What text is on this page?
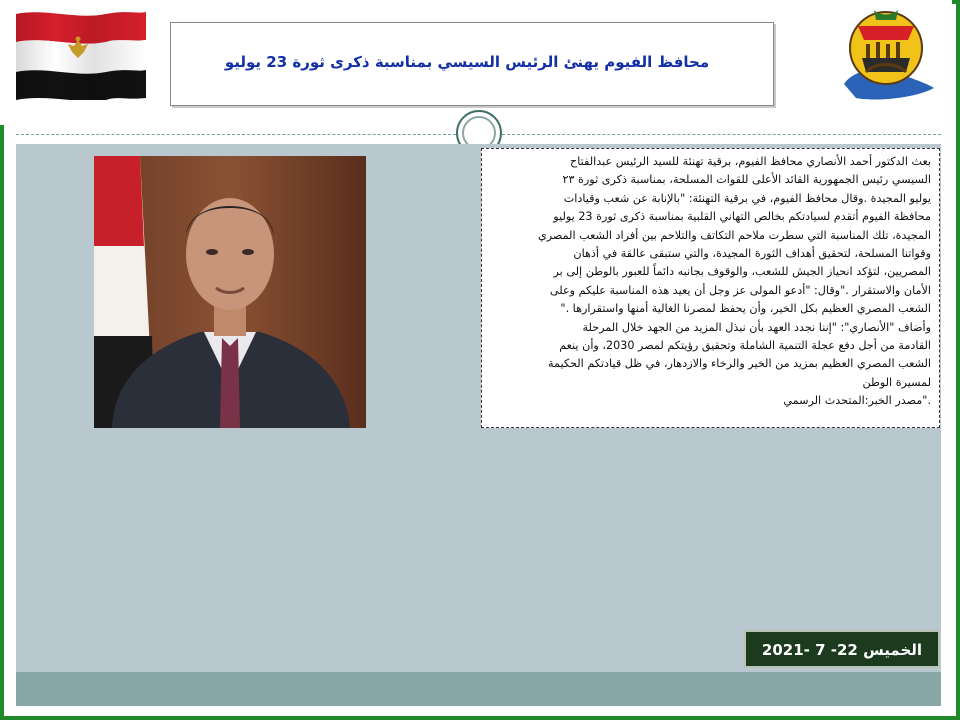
محافظ الفيوم يهنئ الرئيس السيسي بمناسبة ذكرى ثورة 23 يوليو

بعث الدكتور أحمد الأنصاري محافظ الفيوم، برقية تهنئة للسيد الرئيس عبدالفتاح

السيسي رئيس الجمهورية القائد الأعلى للقوات المسلحة، بمناسبة ذكرى ثورة ٢٣

يوليو المجيدة .وقال محافظ الفيوم، في برقية التهنئة: "بالإنابة عن شعب وقيادات

محافظة الفيوم أتقدم لسيادتكم بخالص التهاني القلبية بمناسبة ذكرى ثورة 23 يوليو

المجيدة، تلك المناسبة التي سطرت ملاحم التكاتف والتلاحم بين أفراد الشعب المصري

وقواتنا المسلحة، لتحقيق أهداف الثورة المجيدة، والتي ستبقى عالقة في أذهان

المصريين، لتؤكد انحياز الجيش للشعب، والوقوف بجانبه دائماً للعبور بالوطن إلى بر

الأمان والاستقرار ."وقال: "أدعو المولى عز وجل أن يعيد هذه المناسبة عليكم وعلى

الشعب المصري العظيم بكل الخير، وأن يحفظ لمصرنا الغالية أمنها واستقرارها ."

وأضاف "الأنصاري": "إننا نجدد العهد بأن نبذل المزيد من الجهد خلال المرحلة

القادمة من أجل دفع عجلة التنمية الشاملة وتحقيق رؤيتكم لمصر 2030، وأن ينعم

الشعب المصري العظيم بمزيد من الخير والرخاء والازدهار، في ظل قيادتكم الحكيمة

لمسيرة الوطن

."مصدر الخبر:المتحدث الرسمي

الخميس 22- 7 -2021
